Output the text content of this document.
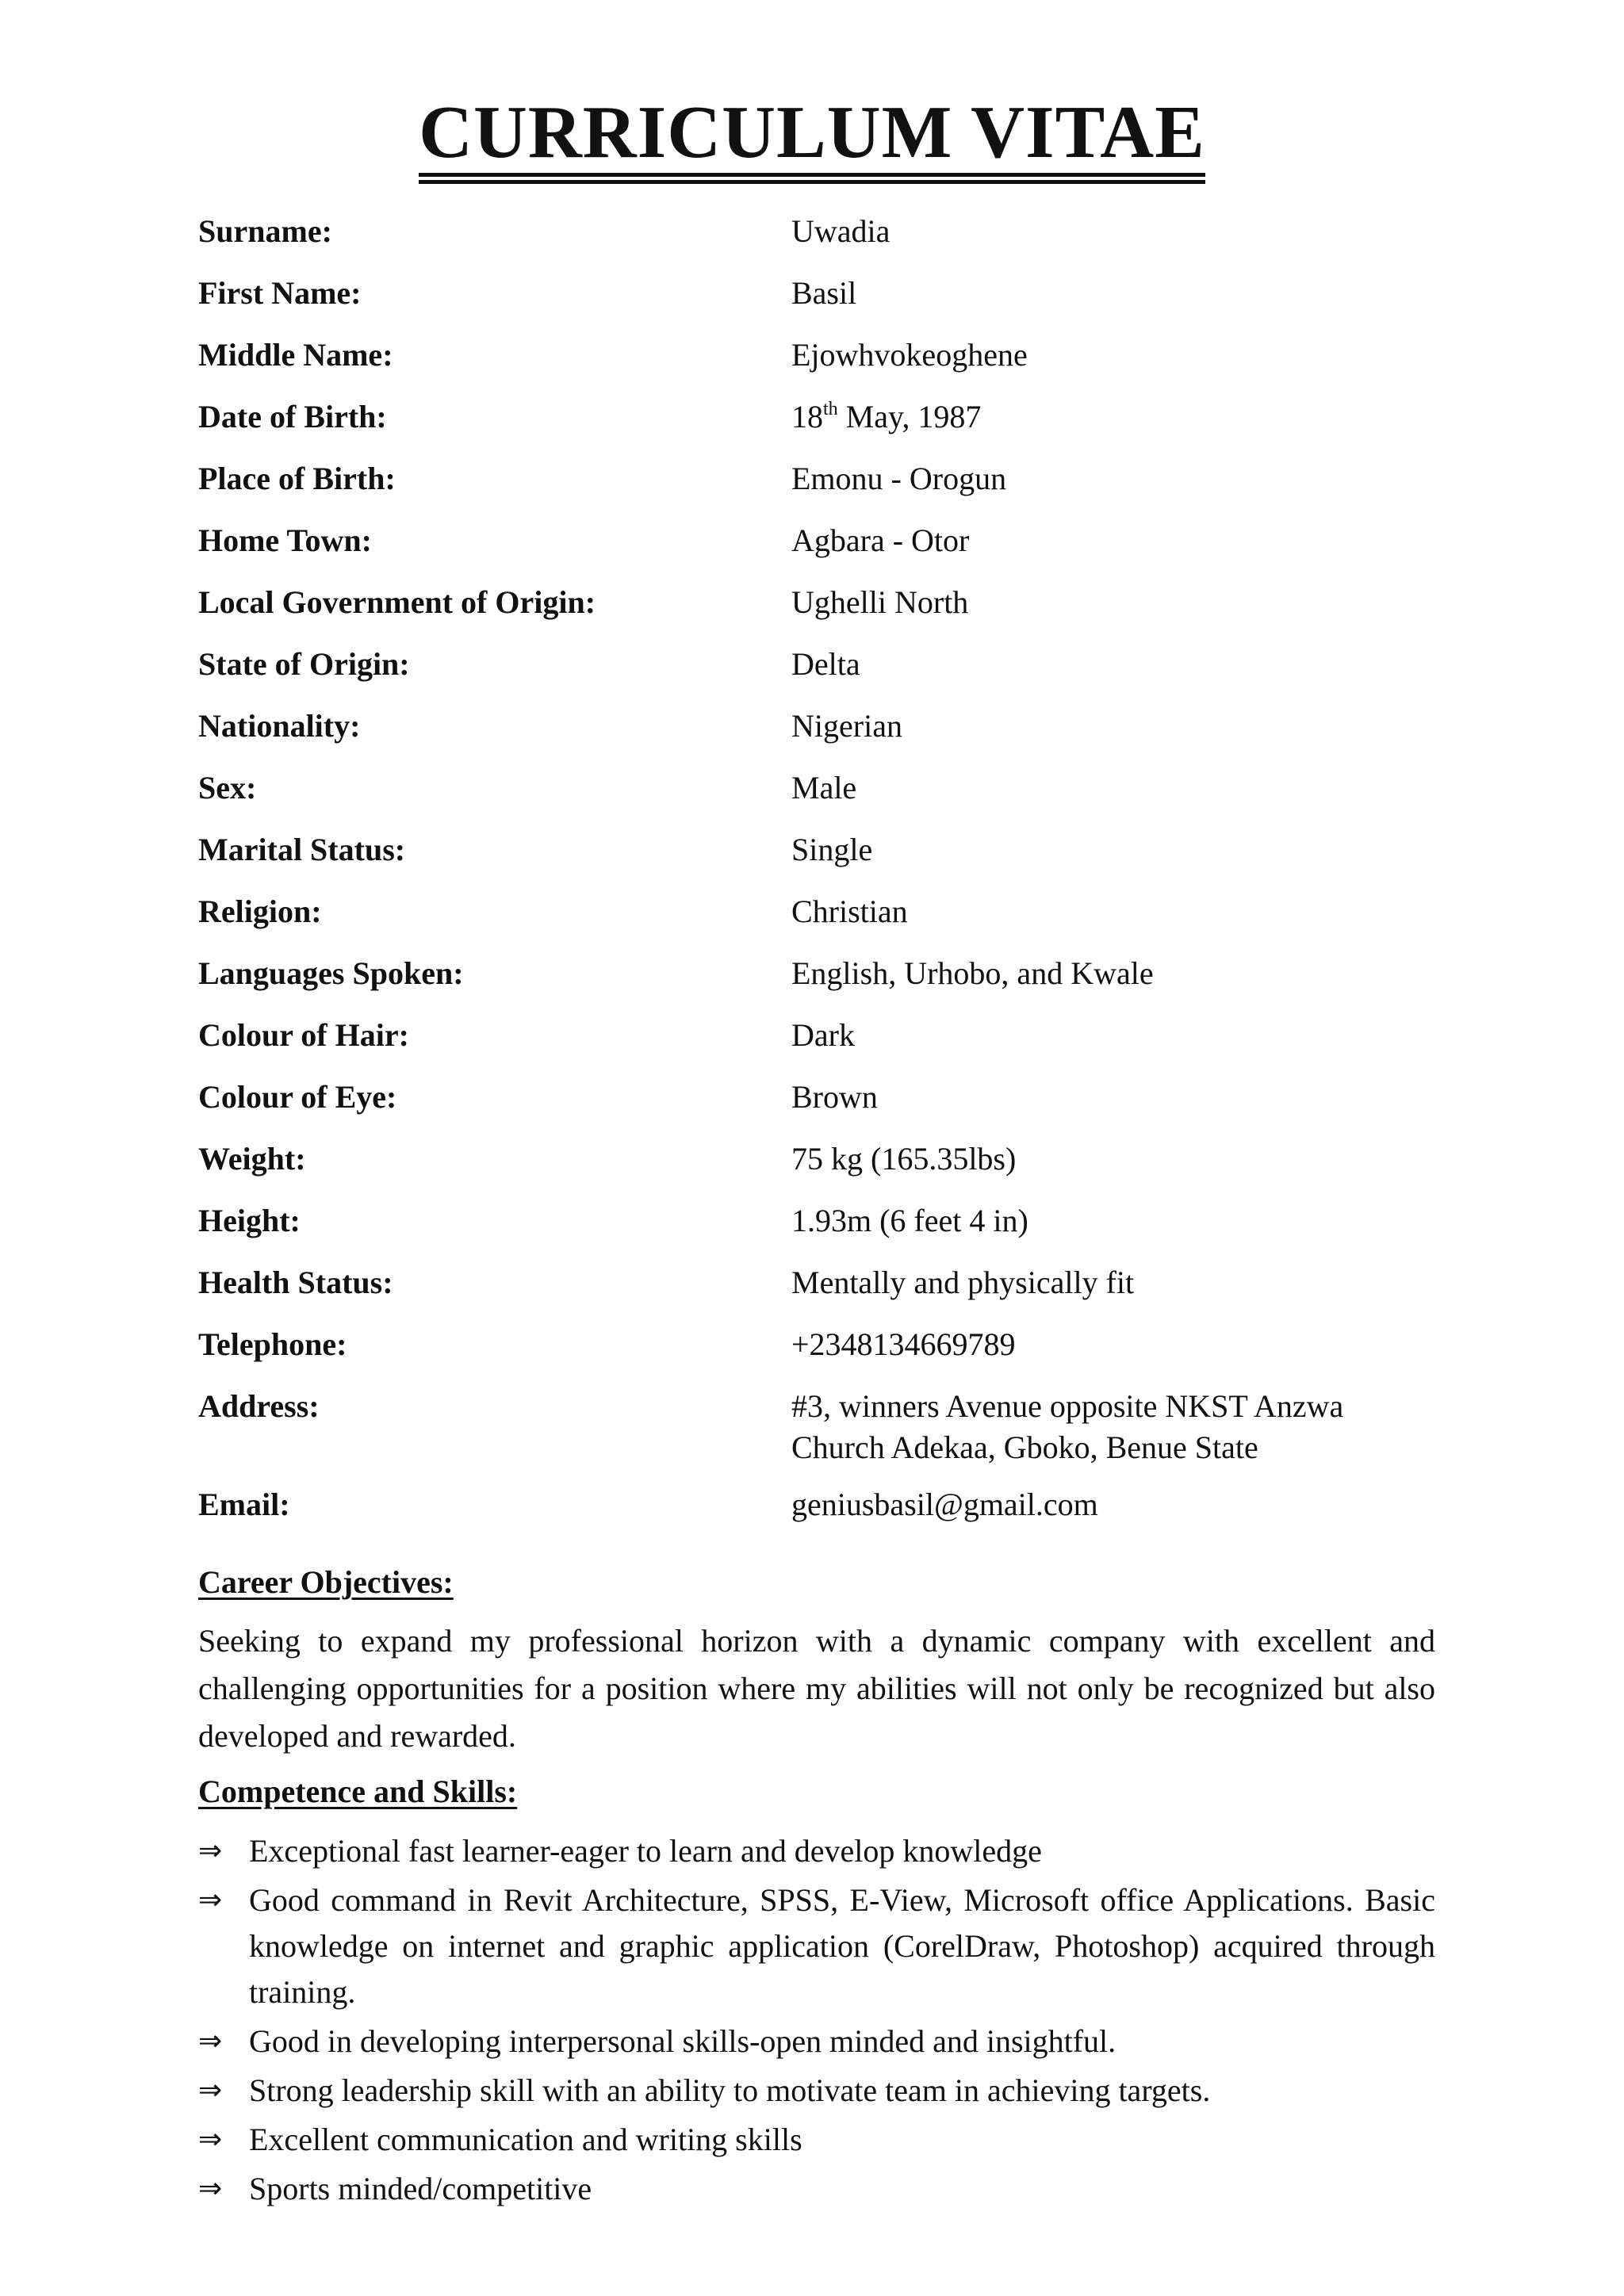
CURRICULUM VITAE
Surname:	Uwadia
First Name:	Basil
Middle Name:	Ejowhvokeoghene
Date of Birth:	18th May, 1987
Place of Birth:	Emonu - Orogun
Home Town:	Agbara - Otor
Local Government of Origin:	Ughelli North
State of Origin:	Delta
Nationality:	Nigerian
Sex:	Male
Marital Status:	Single
Religion:	Christian
Languages Spoken:	English, Urhobo, and Kwale
Colour of Hair:	Dark
Colour of Eye:	Brown
Weight:	75 kg (165.35lbs)
Height:	1.93m (6 feet 4 in)
Health Status:	Mentally and physically fit
Telephone:	+2348134669789
Address:	#3, winners Avenue opposite NKST Anzwa Church Adekaa, Gboko, Benue State
Email:	geniusbasil@gmail.com
Career Objectives:
Seeking to expand my professional horizon with a dynamic company with excellent and challenging opportunities for a position where my abilities will not only be recognized but also developed and rewarded.
Competence and Skills:
⇒ Exceptional fast learner-eager to learn and develop knowledge
⇒ Good command in Revit Architecture, SPSS, E-View, Microsoft office Applications. Basic knowledge on internet and graphic application (CorelDraw, Photoshop) acquired through training.
⇒ Good in developing interpersonal skills-open minded and insightful.
⇒ Strong leadership skill with an ability to motivate team in achieving targets.
⇒ Excellent communication and writing skills
⇒ Sports minded/competitive
